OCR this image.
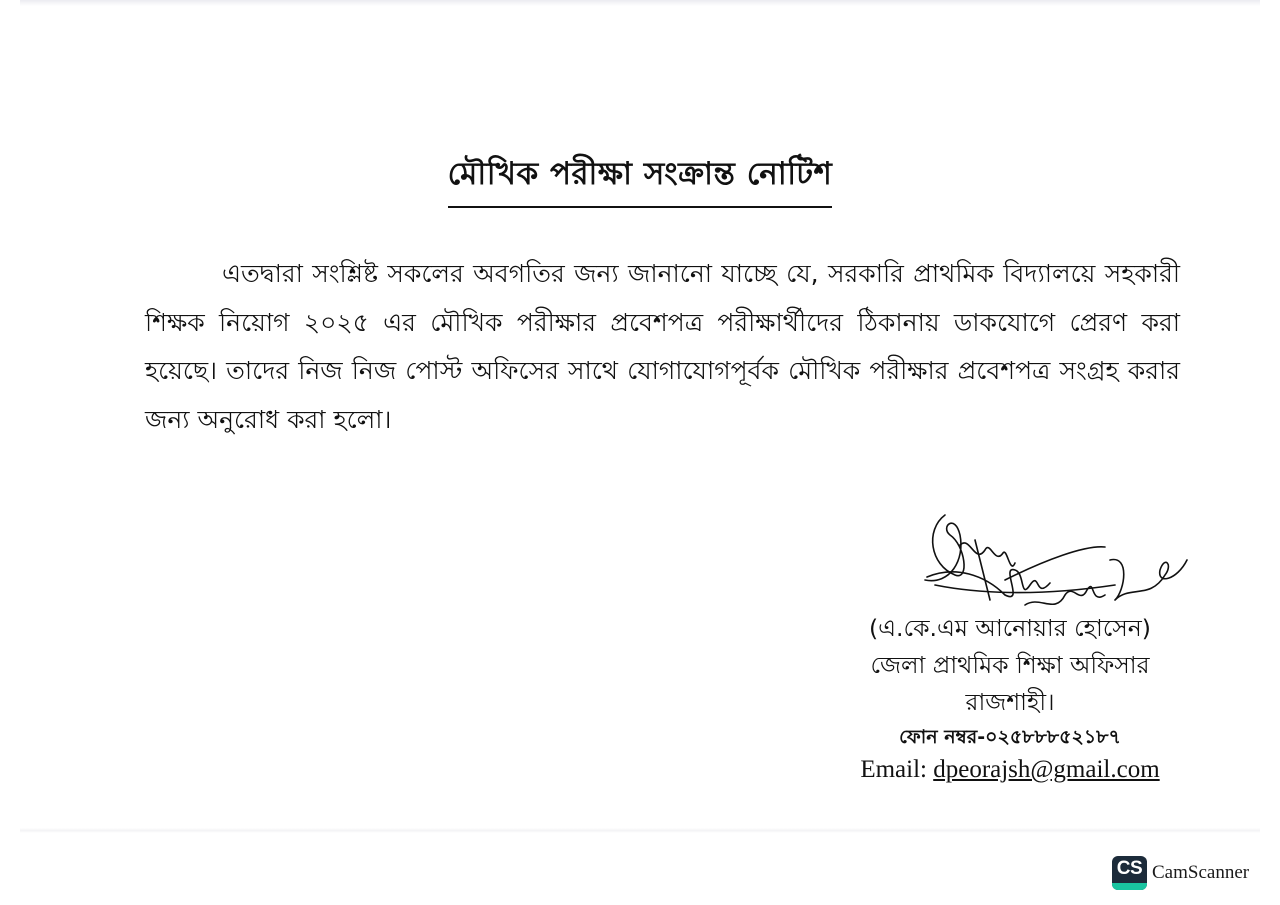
মৌখিক পরীক্ষা সংক্রান্ত নোটিশ
এতদ্বারা সংশ্লিষ্ট সকলের অবগতির জন্য জানানো যাচ্ছে যে, সরকারি প্রাথমিক বিদ্যালয়ে সহকারী শিক্ষক নিয়োগ ২০২৫ এর মৌখিক পরীক্ষার প্রবেশপত্র পরীক্ষার্থীদের ঠিকানায় ডাকযোগে প্রেরণ করা হয়েছে। তাদের নিজ নিজ পোস্ট অফিসের সাথে যোগাযোগপূর্বক মৌখিক পরীক্ষার প্রবেশপত্র সংগ্রহ করার জন্য অনুরোধ করা হলো।
(এ.কে.এম আনোয়ার হোসেন)
জেলা প্রাথমিক শিক্ষা অফিসার
রাজশাহী।
ফোন নম্বর-০২৫৮৮৮৫২১৮৭
Email: dpeorajsh@gmail.com
CS CamScanner
